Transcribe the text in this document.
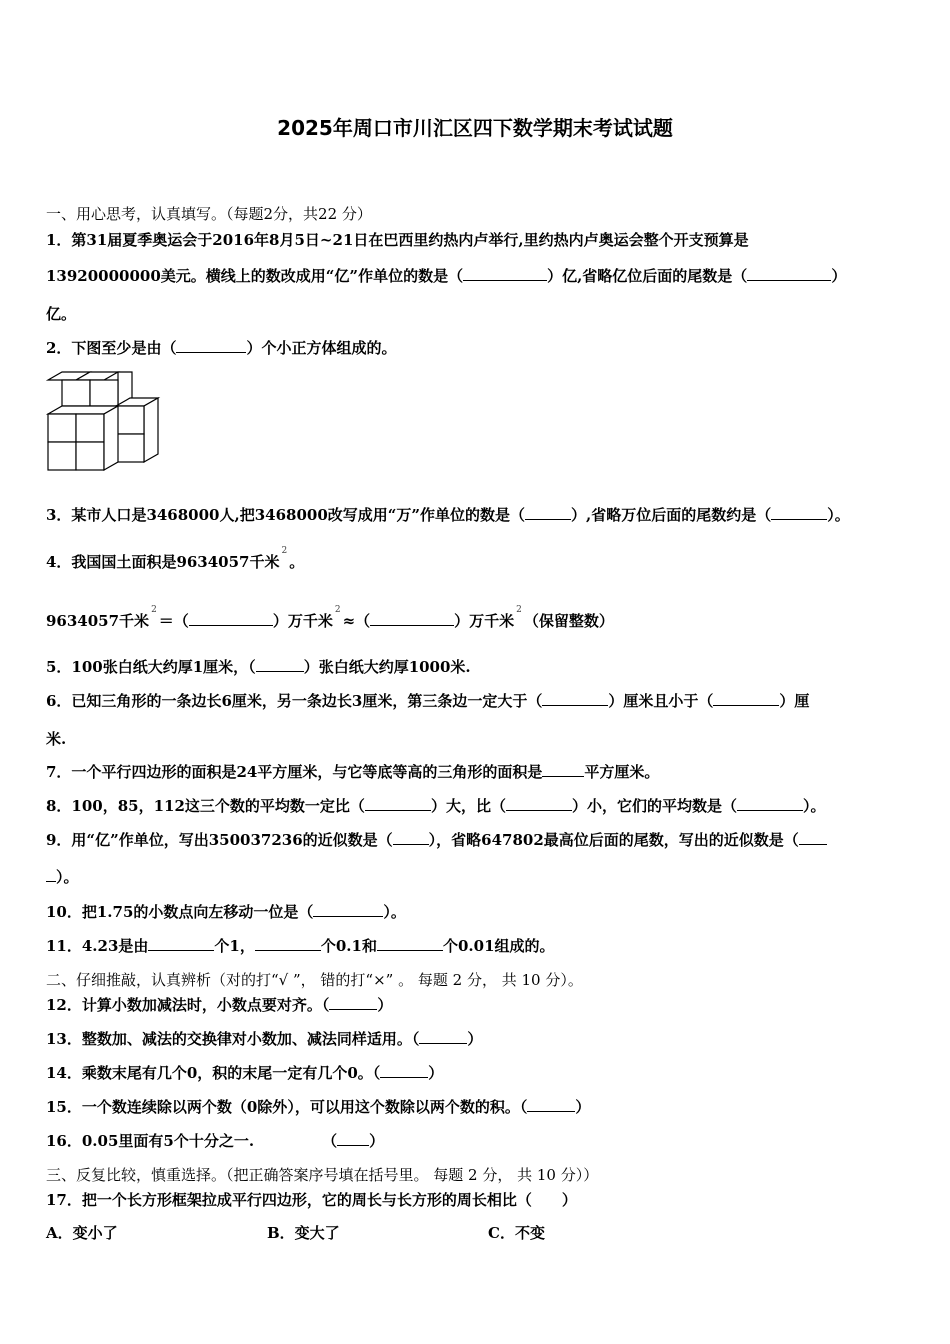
2025年周口市川汇区四下数学期末考试试题
一、用心思考，认真填写。（每题2分，共22 分）
1．第31届夏季奥运会于2016年8月5日~21日在巴西里约热内卢举行,里约热内卢奥运会整个开支预算是
13920000000美元。横线上的数改成用“亿”作单位的数是（	）亿,省略亿位后面的尾数是（	）
亿。
2．下图至少是由（	）个小正方体组成的。
3．某市人口是3468000人,把3468000改写成用“万”作单位的数是（	）,省略万位后面的尾数约是（	）。
4．我国国土面积是9634057千米$^2$。
9634057千米$^2$＝（	）万千米$^2$≈（	）万千米$^2$（保留整数）
5．100张白纸大约厚1厘米，（	）张白纸大约厚1000米.
6．已知三角形的一条边长6厘米，另一条边长3厘米，第三条边一定大于（	）厘米且小于（	）厘
米.
7．一个平行四边形的面积是24平方厘米，与它等底等高的三角形的面积是	平方厘米。
8．100，85，112这三个数的平均数一定比（	）大，比（	）小，它们的平均数是（	）。
9．用“亿”作单位，写出350037236的近似数是（ ），省略647802最高位后面的尾数，写出的近似数是（
）。
10．把1.75的小数点向左移动一位是（	）。
11．4.23是由	个1，	个0.1和	个0.01组成的。
二、仔细推敲，认真辨析（对的打“√ ”， 错的打“×” 。 每题 2 分， 共 10 分）。
12．计算小数加减法时，小数点要对齐。（	）
13．整数加、减法的交换律对小数加、减法同样适用。（	）
14．乘数末尾有几个0，积的末尾一定有几个0。（	）
15．一个数连续除以两个数（0除外），可以用这个数除以两个数的积。（	）
16．0.05里面有5个十分之一.	（ ）
三、反复比较，慎重选择。（把正确答案序号填在括号里。 每题 2 分， 共 10 分））
17．把一个长方形框架拉成平行四边形，它的周长与长方形的周长相比（　　）
A．变小了	B．变大了	C．不变
